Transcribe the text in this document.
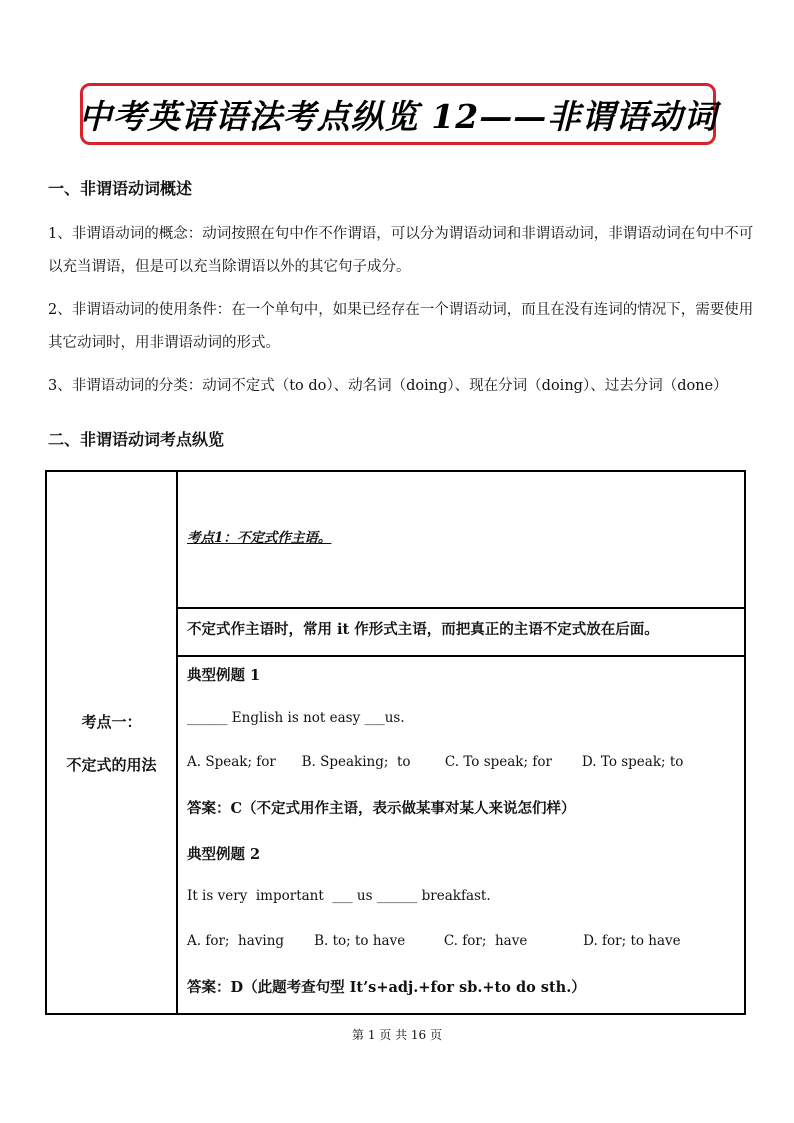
中考英语语法考点纵览 12——非谓语动词
一、非谓语动词概述
1、非谓语动词的概念：动词按照在句中作不作谓语，可以分为谓语动词和非谓语动词，非谓语动词在句中不可以充当谓语，但是可以充当除谓语以外的其它句子成分。
2、非谓语动词的使用条件：在一个单句中，如果已经存在一个谓语动词，而且在没有连词的情况下，需要使用其它动词时，用非谓语动词的形式。
3、非谓语动词的分类：动词不定式（to do）、动名词（doing）、现在分词（doing）、过去分词（done）
二、非谓语动词考点纵览
考点一：
不定式的用法
考点1：不定式作主语。
不定式作主语时，常用 it 作形式主语，而把真正的主语不定式放在后面。
典型例题 1
______ English is not easy ___us.
A. Speak; for      B. Speaking;  to        C. To speak; for       D. To speak; to
答案：C（不定式用作主语，表示做某事对某人来说怎们样）
典型例题 2
It is very  important  ___ us ______ breakfast.
A. for;  having       B. to; to have         C. for;  have             D. for; to have
答案：D（此题考查句型 It’s+adj.+for sb.+to do sth.）
第 1 页 共 16 页
